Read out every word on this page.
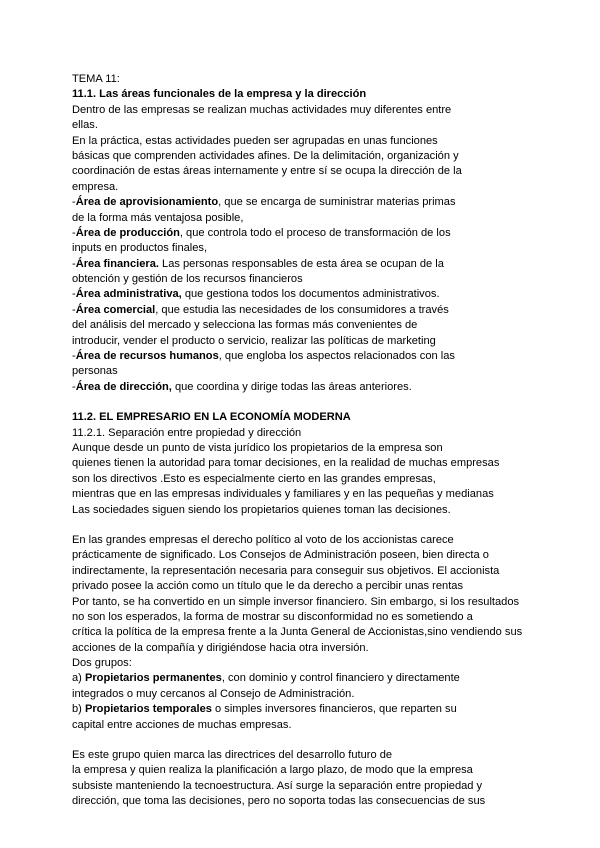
TEMA 11:
11.1. Las áreas funcionales de la empresa y la dirección
Dentro de las empresas se realizan muchas actividades muy diferentes entre
ellas.
En la práctica, estas actividades pueden ser agrupadas en unas funciones
básicas que comprenden actividades afines. De la delimitación, organización y
coordinación de estas áreas internamente y entre sí se ocupa la dirección de la
empresa.
-Área de aprovisionamiento, que se encarga de suministrar materias primas
de la forma más ventajosa posible,
-Área de producción, que controla todo el proceso de transformación de los
inputs en productos finales,
-Área financiera. Las personas responsables de esta área se ocupan de la
obtención y gestión de los recursos financieros
-Área administrativa, que gestiona todos los documentos administrativos.
-Área comercial, que estudia las necesidades de los consumidores a través
del análisis del mercado y selecciona las formas más convenientes de
introducir, vender el producto o servicio, realizar las políticas de marketing
-Área de recursos humanos, que engloba los aspectos relacionados con las
personas
-Área de dirección, que coordina y dirige todas las áreas anteriores.
11.2. EL EMPRESARIO EN LA ECONOMÍA MODERNA
11.2.1. Separación entre propiedad y dirección
Aunque desde un punto de vista jurídico los propietarios de la empresa son
quienes tienen la autoridad para tomar decisiones, en la realidad de muchas empresas
son los directivos .Esto es especialmente cierto en las grandes empresas,
mientras que en las empresas individuales y familiares y en las pequeñas y medianas
Las sociedades siguen siendo los propietarios quienes toman las decisiones.
En las grandes empresas el derecho político al voto de los accionistas carece
prácticamente de significado. Los Consejos de Administración poseen, bien directa o
indirectamente, la representación necesaria para conseguir sus objetivos. El accionista
privado posee la acción como un título que le da derecho a percibir unas rentas
Por tanto, se ha convertido en un simple inversor financiero. Sin embargo, si los resultados
no son los esperados, la forma de mostrar su disconformidad no es sometiendo a
crítica la política de la empresa frente a la Junta General de Accionistas,sino vendiendo sus
acciones de la compañía y dirigiéndose hacia otra inversión.
Dos grupos:
a) Propietarios permanentes, con dominio y control financiero y directamente
integrados o muy cercanos al Consejo de Administración.
b) Propietarios temporales o simples inversores financieros, que reparten su
capital entre acciones de muchas empresas.
Es este grupo quien marca las directrices del desarrollo futuro de
la empresa y quien realiza la planificación a largo plazo, de modo que la empresa
subsiste manteniendo la tecnoestructura. Así surge la separación entre propiedad y
dirección, que toma las decisiones, pero no soporta todas las consecuencias de sus
